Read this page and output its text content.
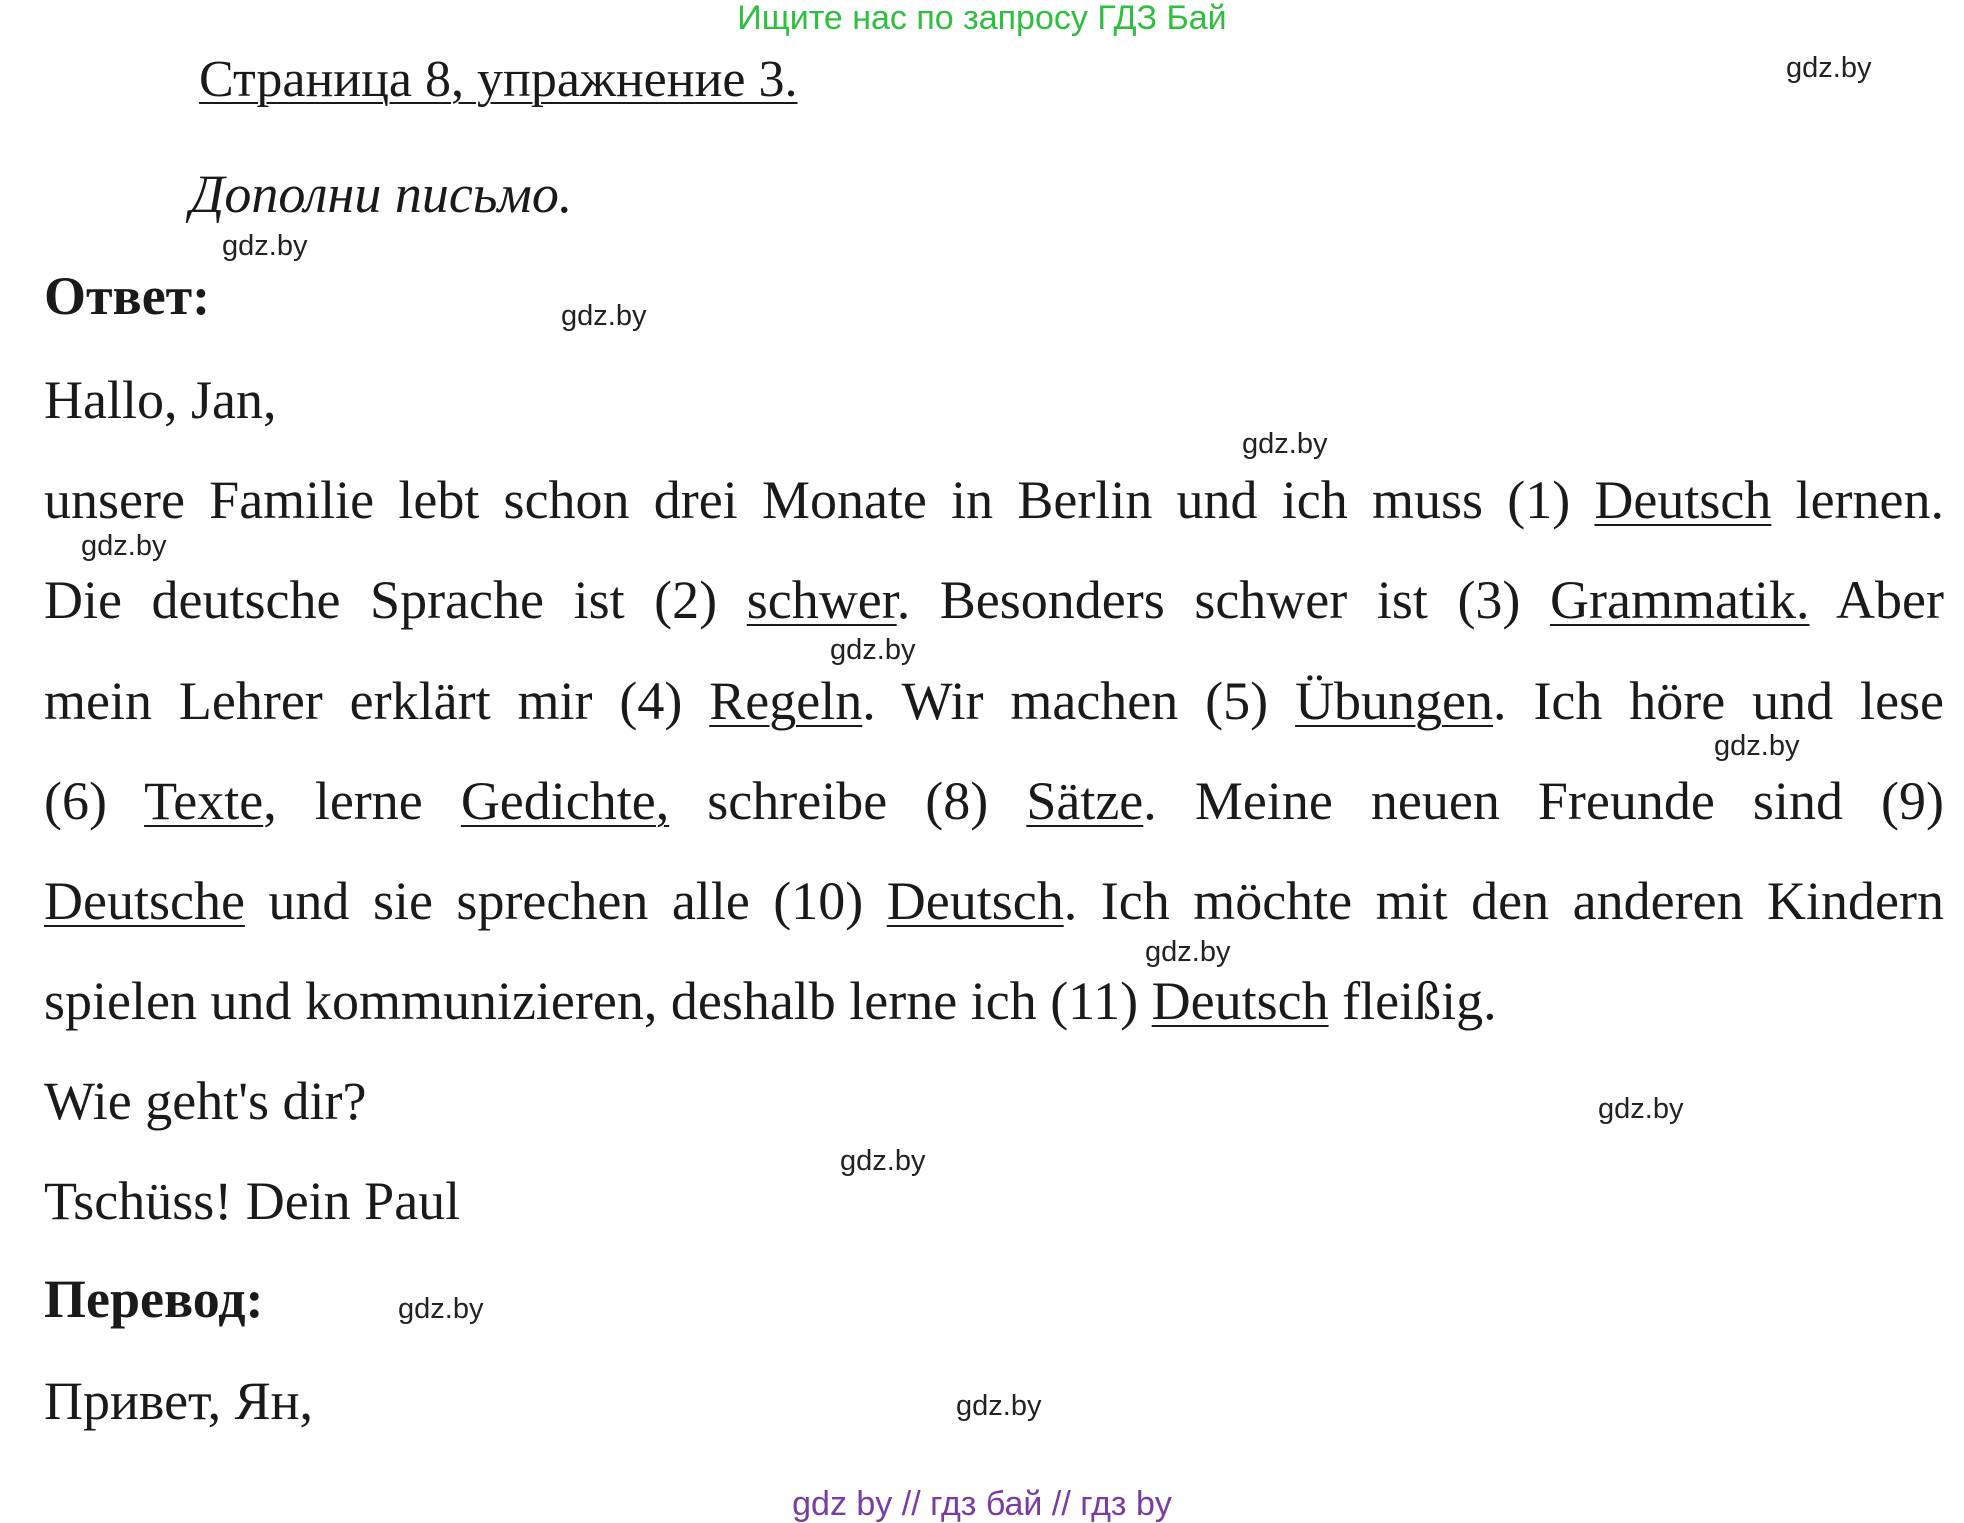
Ищите нас по запросу ГДЗ Бай
Страница 8, упражнение 3.	gdz.by
Дополни письмо.
gdz.by
Ответ:	gdz.by
Hallo, Jan,
gdz.by
unsere Familie lebt schon drei Monate in Berlin und ich muss (1) Deutsch lernen.
gdz.by
Die deutsche Sprache ist (2) schwer. Besonders schwer ist (3) Grammatik. Aber
gdz.by
mein Lehrer erklärt mir (4) Regeln. Wir machen (5) Übungen. Ich höre und lese
gdz.by
(6) Texte, lerne Gedichte, schreibe (8) Sätze. Meine neuen Freunde sind (9)
Deutsche und sie sprechen alle (10) Deutsch. Ich möchte mit den anderen Kindern
gdz.by
spielen und kommunizieren, deshalb lerne ich (11) Deutsch fleißig.
Wie geht's dir?	gdz.by
gdz.by
Tschüss! Dein Paul
Перевод:	gdz.by
Привет, Ян,	gdz.by
gdz by // гдз бай // гдз by
